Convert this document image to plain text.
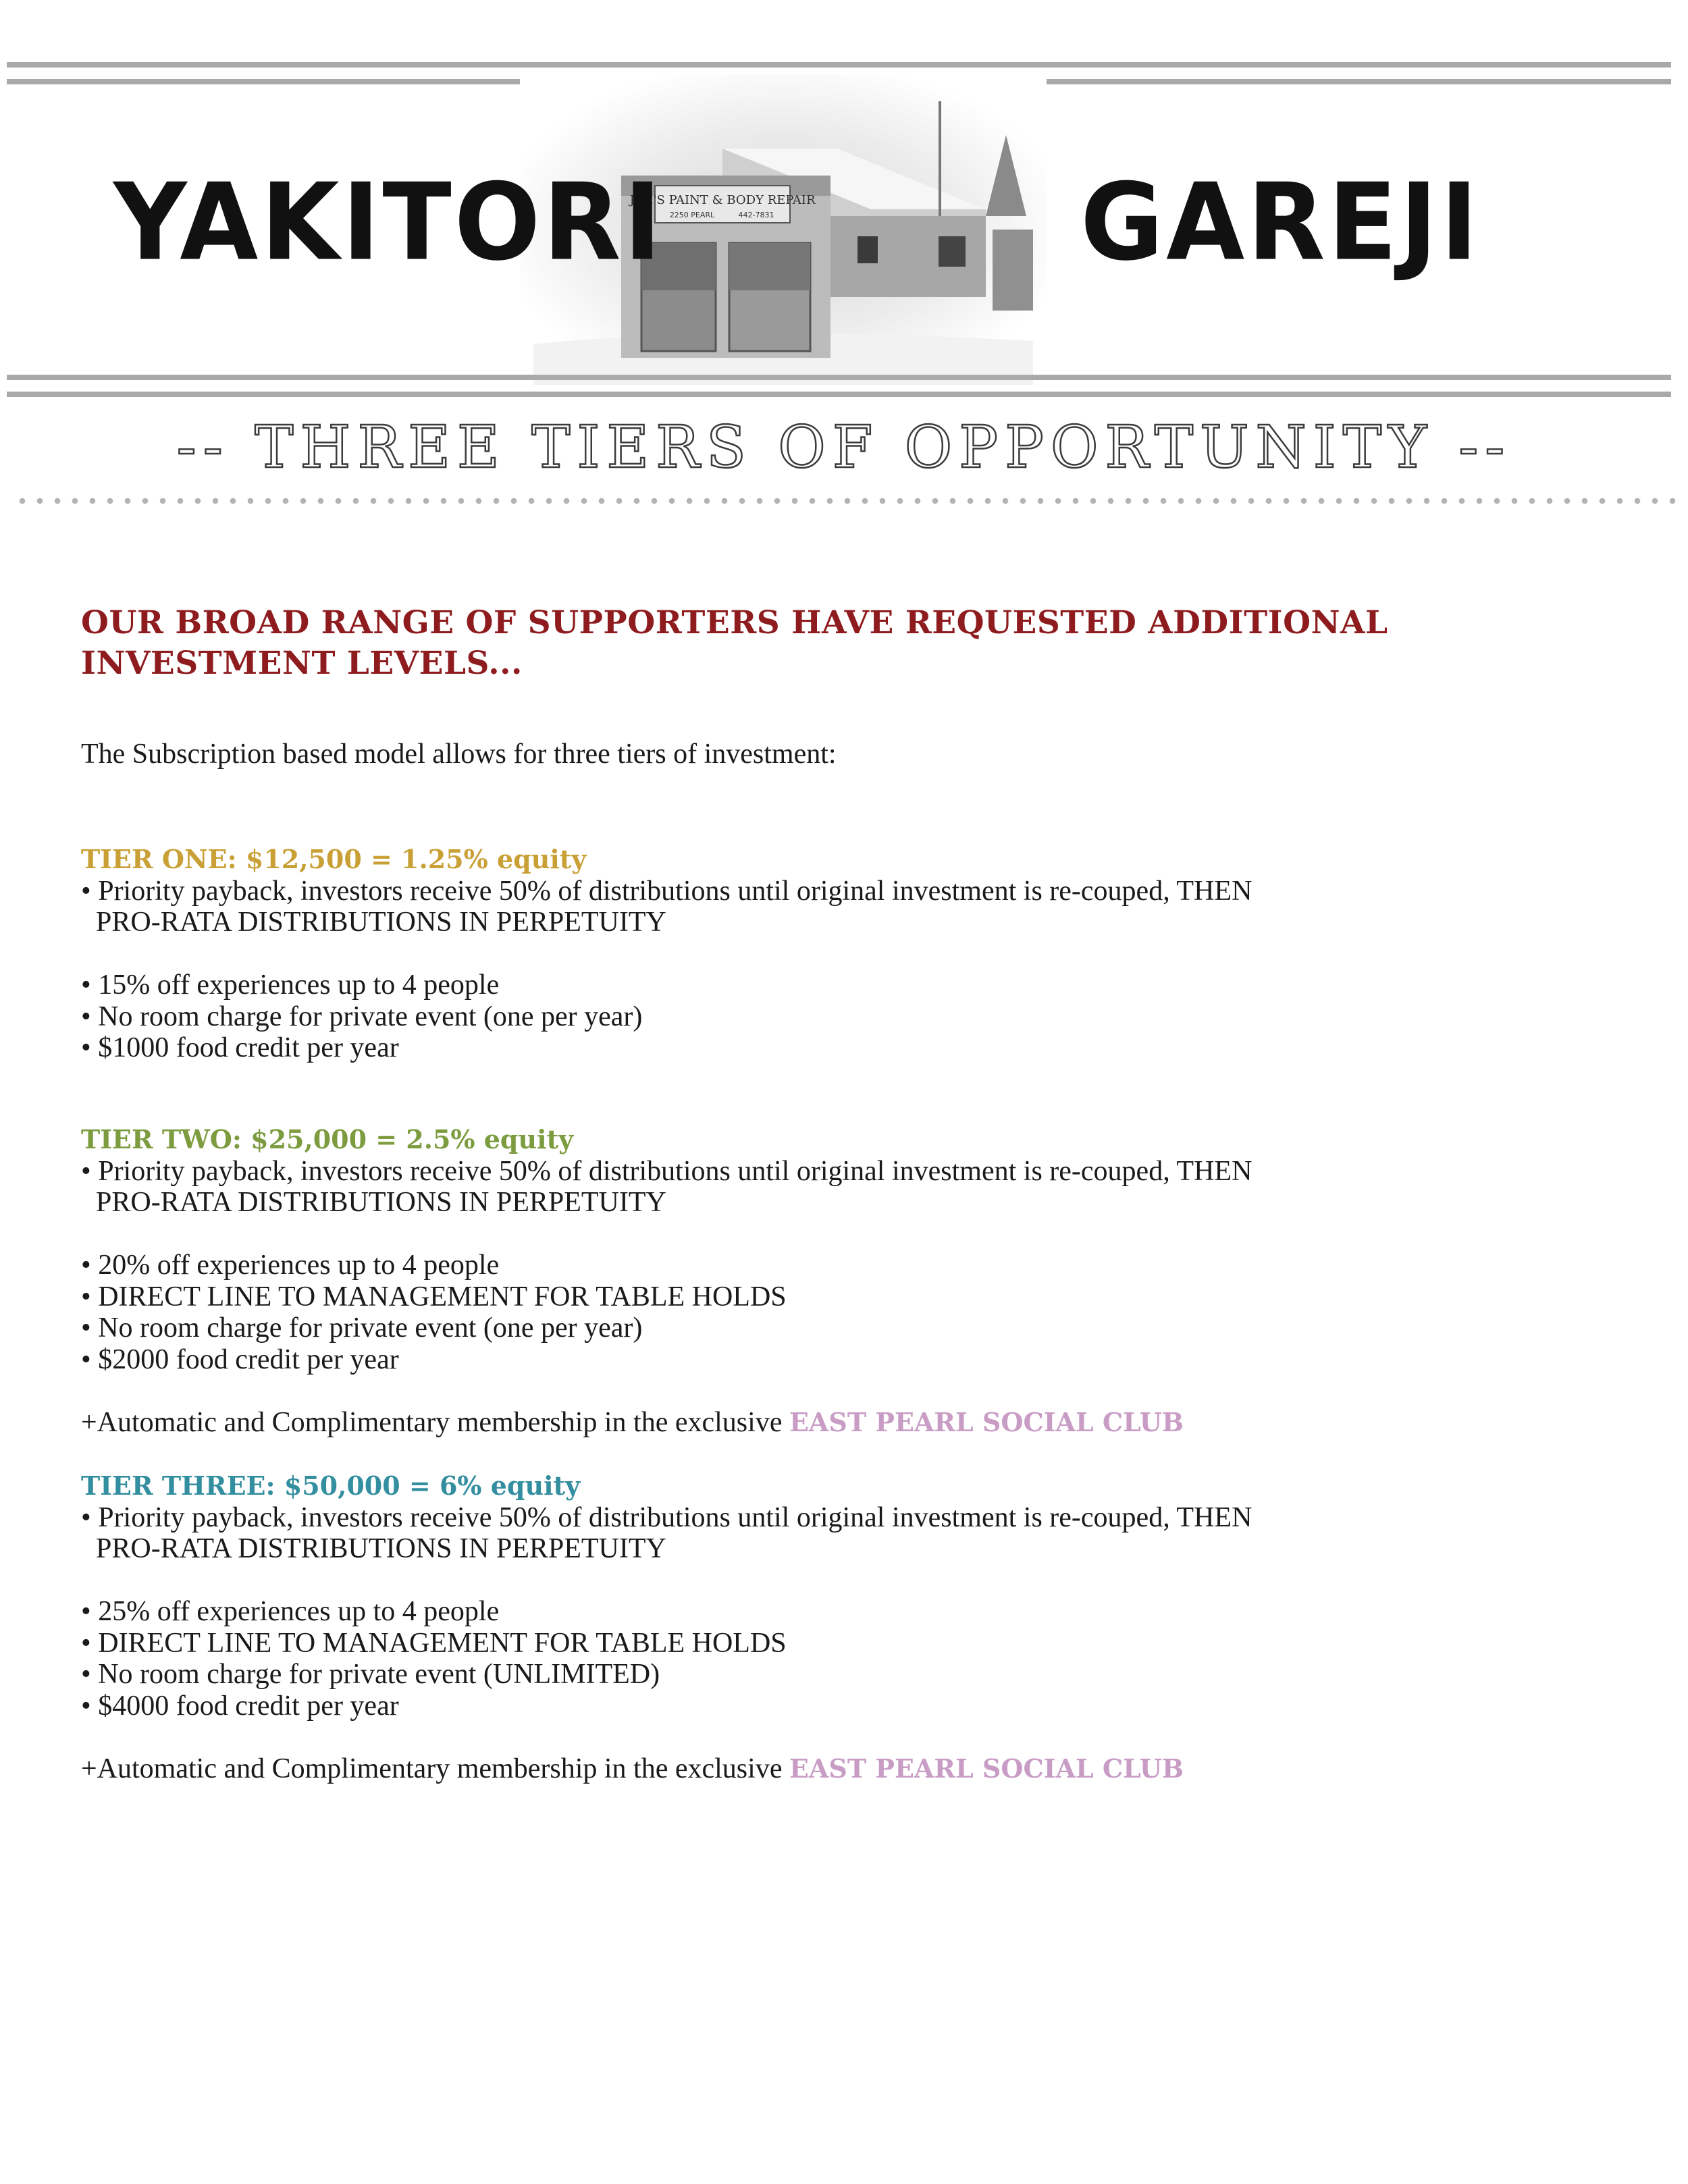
JOE'S PAINT & BODY REPAIR
2250 PEARL	442-7831
YAKITORI	GAREJI
-- THREE TIERS OF OPPORTUNITY --
OUR BROAD RANGE OF SUPPORTERS HAVE REQUESTED ADDITIONAL INVESTMENT LEVELS...
The Subscription based model allows for three tiers of investment:
TIER ONE: $12,500 = 1.25% equity
• Priority payback, investors receive 50% of distributions until original investment is re-couped, THEN
PRO-RATA DISTRIBUTIONS IN PERPETUITY
• 15% off experiences up to 4 people
• No room charge for private event (one per year)
• $1000 food credit per year
TIER TWO: $25,000 = 2.5% equity
• Priority payback, investors receive 50% of distributions until original investment is re-couped, THEN
PRO-RATA DISTRIBUTIONS IN PERPETUITY
• 20% off experiences up to 4 people
• DIRECT LINE TO MANAGEMENT FOR TABLE HOLDS
• No room charge for private event (one per year)
• $2000 food credit per year
+Automatic and Complimentary membership in the exclusive EAST PEARL SOCIAL CLUB
TIER THREE: $50,000 = 6% equity
• Priority payback, investors receive 50% of distributions until original investment is re-couped, THEN
PRO-RATA DISTRIBUTIONS IN PERPETUITY
• 25% off experiences up to 4 people
• DIRECT LINE TO MANAGEMENT FOR TABLE HOLDS
• No room charge for private event (UNLIMITED)
• $4000 food credit per year
+Automatic and Complimentary membership in the exclusive EAST PEARL SOCIAL CLUB
